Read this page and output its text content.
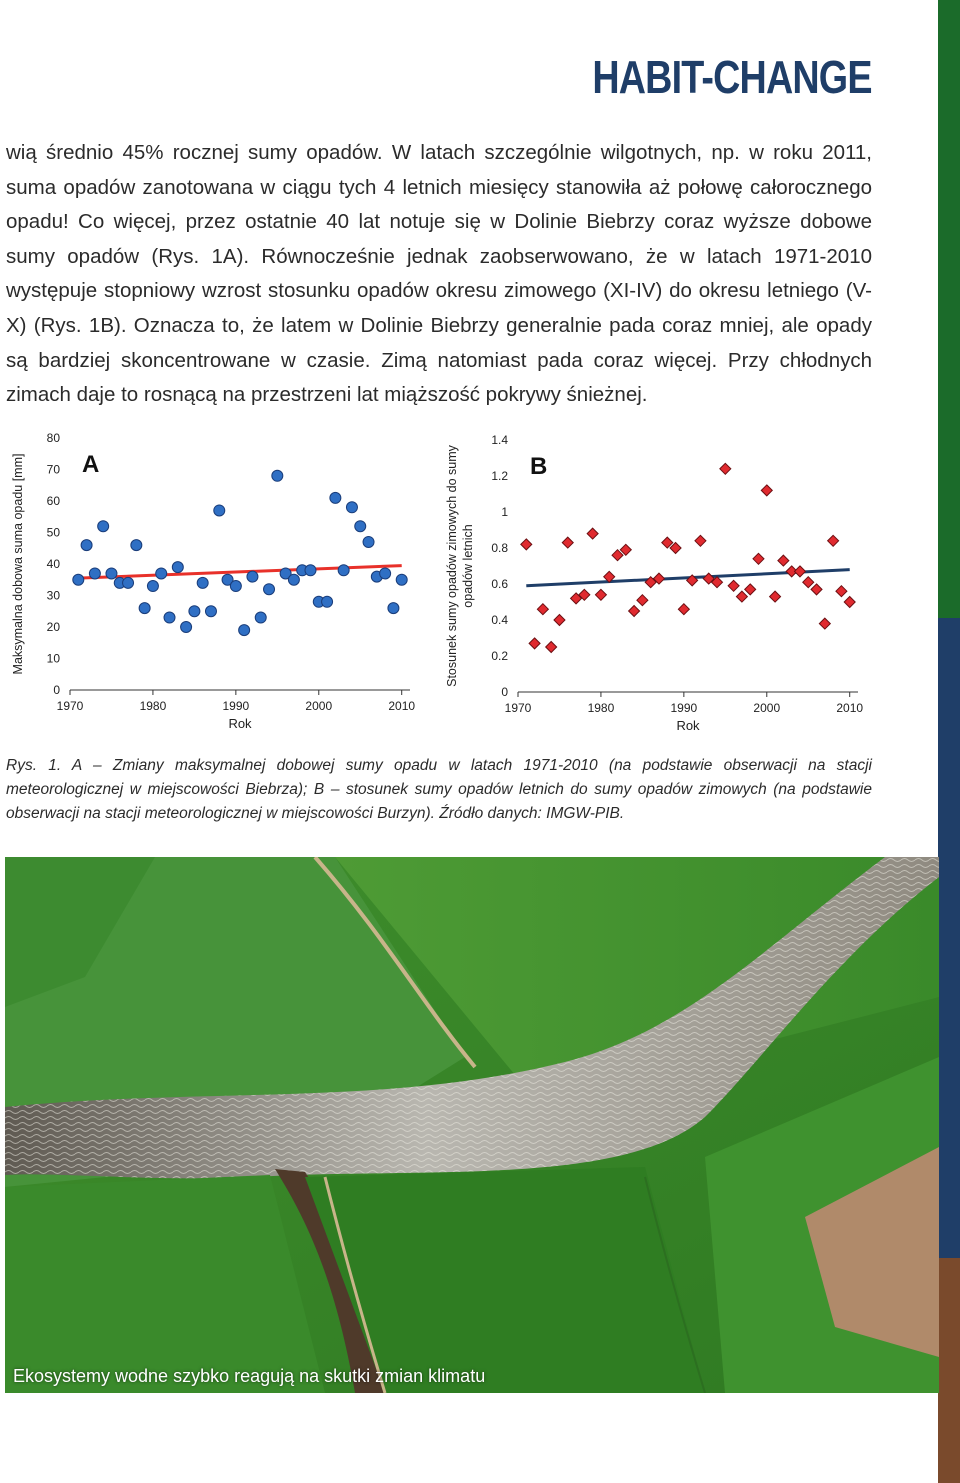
HABIT-CHANGE
wią średnio 45% rocznej sumy opadów. W latach szczególnie wilgotnych, np. w roku 2011, suma opadów zanotowana w ciągu tych 4 letnich miesięcy stanowiła aż połowę całorocznego opadu! Co więcej, przez ostatnie 40 lat notuje się w Dolinie Biebrzy coraz wyższe dobowe sumy opadów (Rys. 1A). Równocześnie jednak zaobserwowano, że w latach 1971-2010 występuje stopniowy wzrost stosunku opadów okresu zimowego (XI-IV) do okresu letniego (V-X) (Rys. 1B). Oznacza to, że latem w Dolinie Biebrzy generalnie pada coraz mniej, ale opady są bardziej skoncentrowane w czasie. Zimą natomiast pada coraz więcej. Przy chłodnych zimach daje to rosnącą na przestrzeni lat miąższość pokrywy śnieżnej.
0
10
20
30
40
50
60
70
80
1970	1980	1990	2000	2010
Rok
Maksymalna dobowa suma opadu [mm] A
0
0.2
0.4
0.6
0.8
1
1.2
1.4
1970	1980	1990	2000	2010
Rok
Stosunek sumy opadów zimowych do sumy opadów letnich
B
Rys. 1. A – Zmiany maksymalnej dobowej sumy opadu w latach 1971-2010 (na podstawie obserwacji na stacji meteorologicznej w miejscowości Biebrza); B – stosunek sumy opadów letnich do sumy opadów zimowych (na podstawie obserwacji na stacji meteorologicznej w miejscowości Burzyn). Źródło danych: IMGW-PIB.
Ekosystemy wodne szybko reagują na skutki zmian klimatu
